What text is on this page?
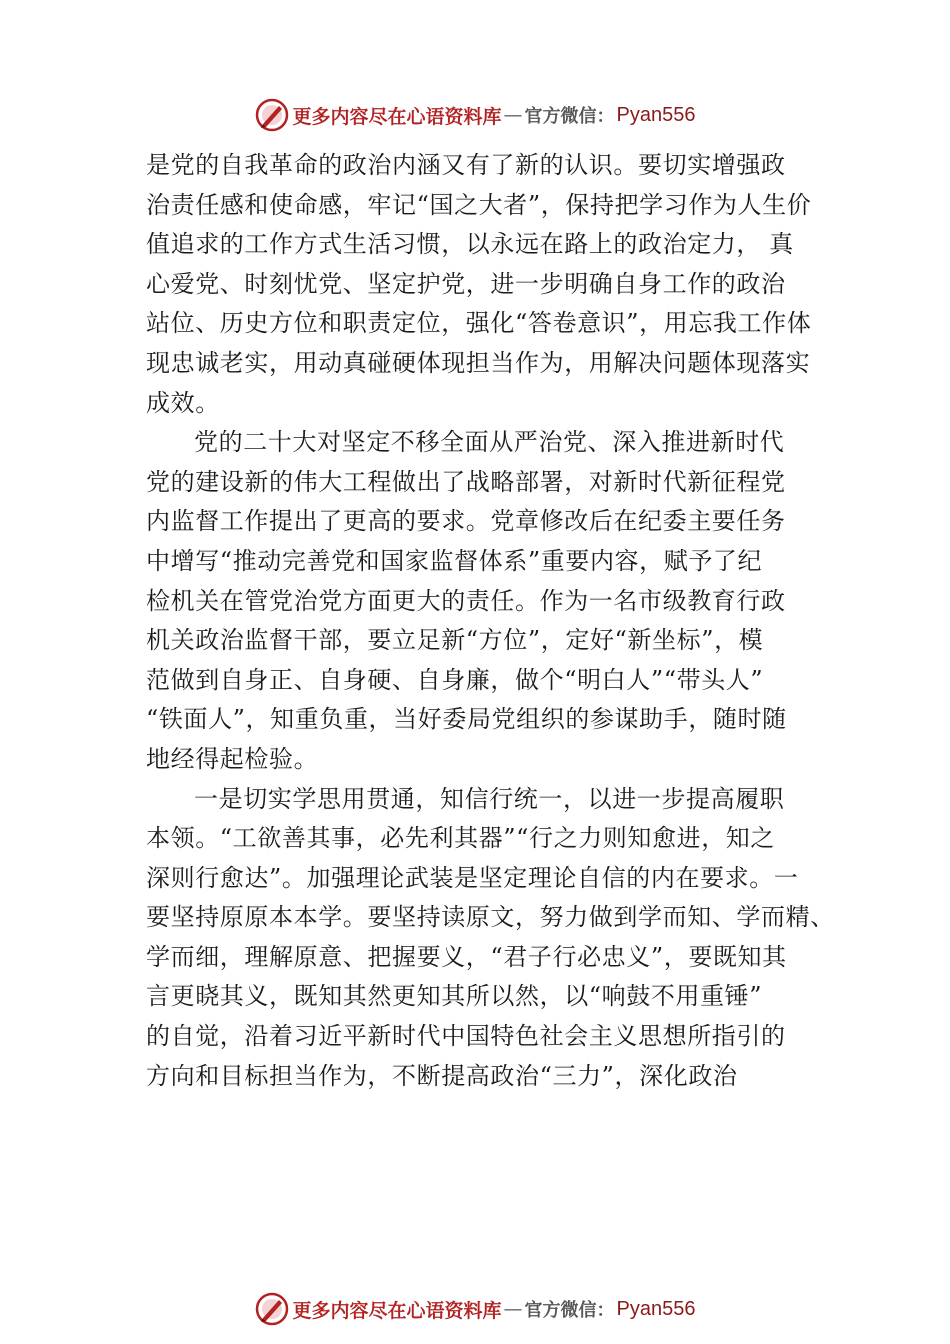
更多内容尽在心语资料库 — 官方微信： Pyan556
是党的自我革命的政治内涵又有了新的认识。要切实增强政
治责任感和使命感，牢记“国之大者”，保持把学习作为人生价
值追求的工作方式生活习惯，以永远在路上的政治定力， 真
心爱党、时刻忧党、坚定护党，进一步明确自身工作的政治
站位、历史方位和职责定位，强化“答卷意识”，用忘我工作体
现忠诚老实，用动真碰硬体现担当作为，用解决问题体现落实
成效。
党的二十大对坚定不移全面从严治党、深入推进新时代
党的建设新的伟大工程做出了战略部署，对新时代新征程党
内监督工作提出了更高的要求。党章修改后在纪委主要任务
中增写“推动完善党和国家监督体系”重要内容，赋予了纪
检机关在管党治党方面更大的责任。作为一名市级教育行政
机关政治监督干部，要立足新“方位”，定好“新坐标”，模
范做到自身正、自身硬、自身廉，做个“明白人”“带头人”
“铁面人”，知重负重，当好委局党组织的参谋助手，随时随
地经得起检验。
一是切实学思用贯通，知信行统一，以进一步提高履职
本领。“工欲善其事，必先利其器”“行之力则知愈进，知之
深则行愈达”。加强理论武装是坚定理论自信的内在要求。一
要坚持原原本本学。要坚持读原文，努力做到学而知、学而精、
学而细，理解原意、把握要义，“君子行必忠义”，要既知其
言更晓其义，既知其然更知其所以然，以“响鼓不用重锤”
的自觉，沿着习近平新时代中国特色社会主义思想所指引的
方向和目标担当作为，不断提高政治“三力”，深化政治
更多内容尽在心语资料库 — 官方微信： Pyan556
